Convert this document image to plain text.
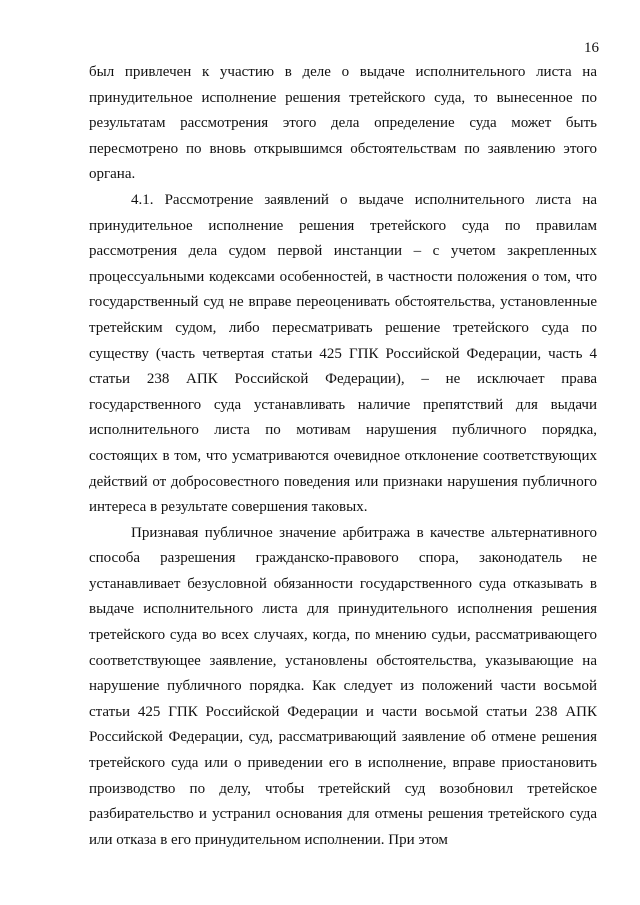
16

был привлечен к участию в деле о выдаче исполнительного листа на принудительное исполнение решения третейского суда, то вынесенное по результатам рассмотрения этого дела определение суда может быть пересмотрено по вновь открывшимся обстоятельствам по заявлению этого органа.

4.1. Рассмотрение заявлений о выдаче исполнительного листа на принудительное исполнение решения третейского суда по правилам рассмотрения дела судом первой инстанции – с учетом закрепленных процессуальными кодексами особенностей, в частности положения о том, что государственный суд не вправе переоценивать обстоятельства, установленные третейским судом, либо пересматривать решение третейского суда по существу (часть четвертая статьи 425 ГПК Российской Федерации, часть 4 статьи 238 АПК Российской Федерации), – не исключает права государственного суда устанавливать наличие препятствий для выдачи исполнительного листа по мотивам нарушения публичного порядка, состоящих в том, что усматриваются очевидное отклонение соответствующих действий от добросовестного поведения или признаки нарушения публичного интереса в результате совершения таковых.

Признавая публичное значение арбитража в качестве альтернативного способа разрешения гражданско-правового спора, законодатель не устанавливает безусловной обязанности государственного суда отказывать в выдаче исполнительного листа для принудительного исполнения решения третейского суда во всех случаях, когда, по мнению судьи, рассматривающего соответствующее заявление, установлены обстоятельства, указывающие на нарушение публичного порядка. Как следует из положений части восьмой статьи 425 ГПК Российской Федерации и части восьмой статьи 238 АПК Российской Федерации, суд, рассматривающий заявление об отмене решения третейского суда или о приведении его в исполнение, вправе приостановить производство по делу, чтобы третейский суд возобновил третейское разбирательство и устранил основания для отмены решения третейского суда или отказа в его принудительном исполнении. При этом
